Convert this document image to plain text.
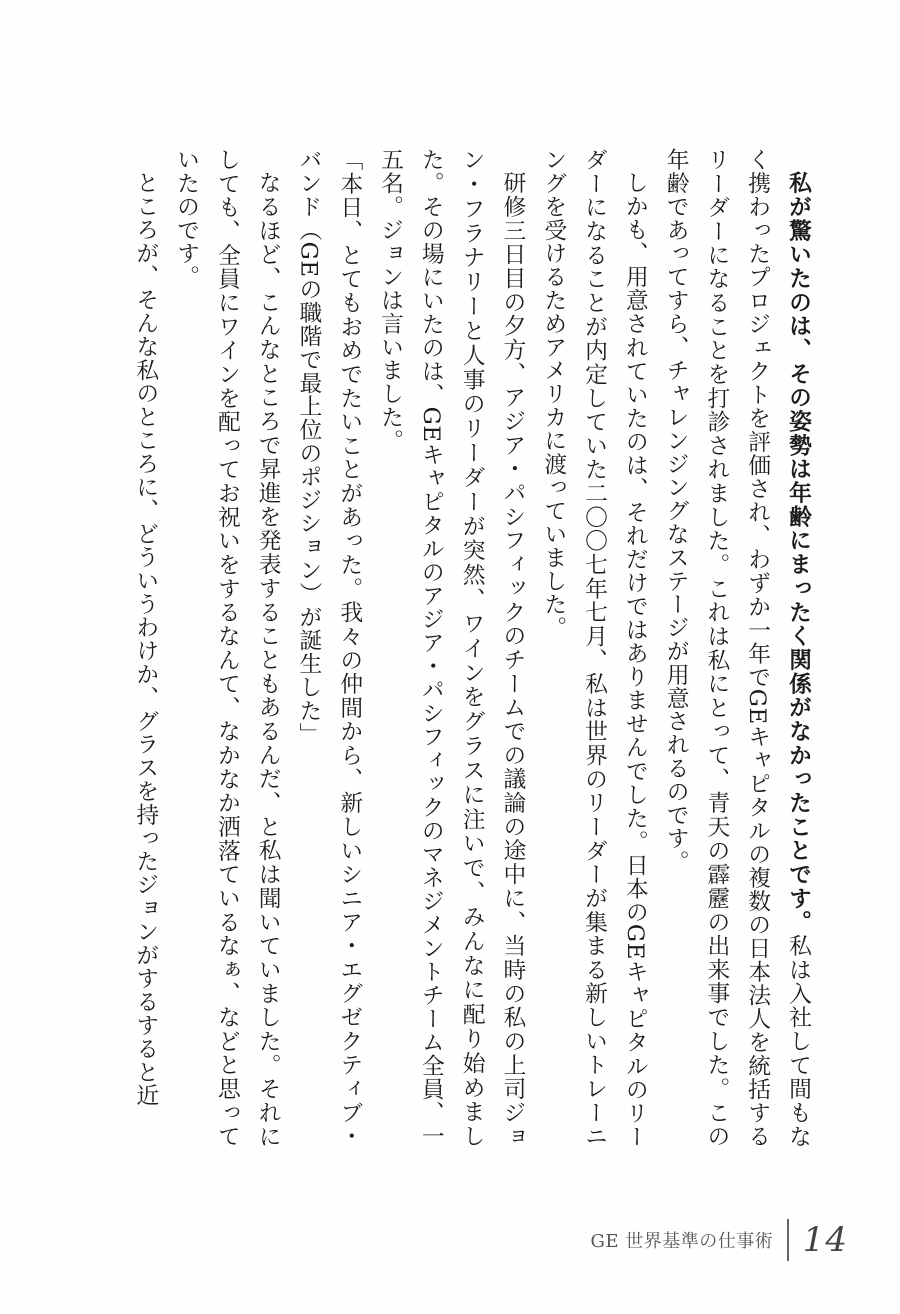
私が驚いたのは、その姿勢は年齢にまったく関係がなかったことです。私は入社して間もなく携わったプロジェクトを評価され、わずか一年でGEキャピタルの複数の日本法人を統括するリーダーになることを打診されました。これは私にとって、青天の霹靂の出来事でした。この年齢であってすら、チャレンジングなステージが用意されるのです。

しかも、用意されていたのは、それだけではありませんでした。日本のGEキャピタルのリーダーになることが内定していた二〇〇七年七月、私は世界のリーダーが集まる新しいトレーニングを受けるためアメリカに渡っていました。

研修三日目の夕方、アジア・パシフィックのチームでの議論の途中に、当時の私の上司ジョン・フラナリーと人事のリーダーが突然、ワインをグラスに注いで、みんなに配り始めました。その場にいたのは、GEキャピタルのアジア・パシフィックのマネジメントチーム全員、一五名。ジョンは言いました。

「本日、とてもおめでたいことがあった。我々の仲間から、新しいシニア・エグゼクティブ・バンド（GEの職階で最上位のポジション）が誕生した」

なるほど、こんなところで昇進を発表することもあるんだ、と私は聞いていました。それにしても、全員にワインを配ってお祝いをするなんて、なかなか洒落ているなぁ、などと思っていたのです。

ところが、そんな私のところに、どういうわけか、グラスを持ったジョンがするすると近

GE 世界基準の仕事術 14
